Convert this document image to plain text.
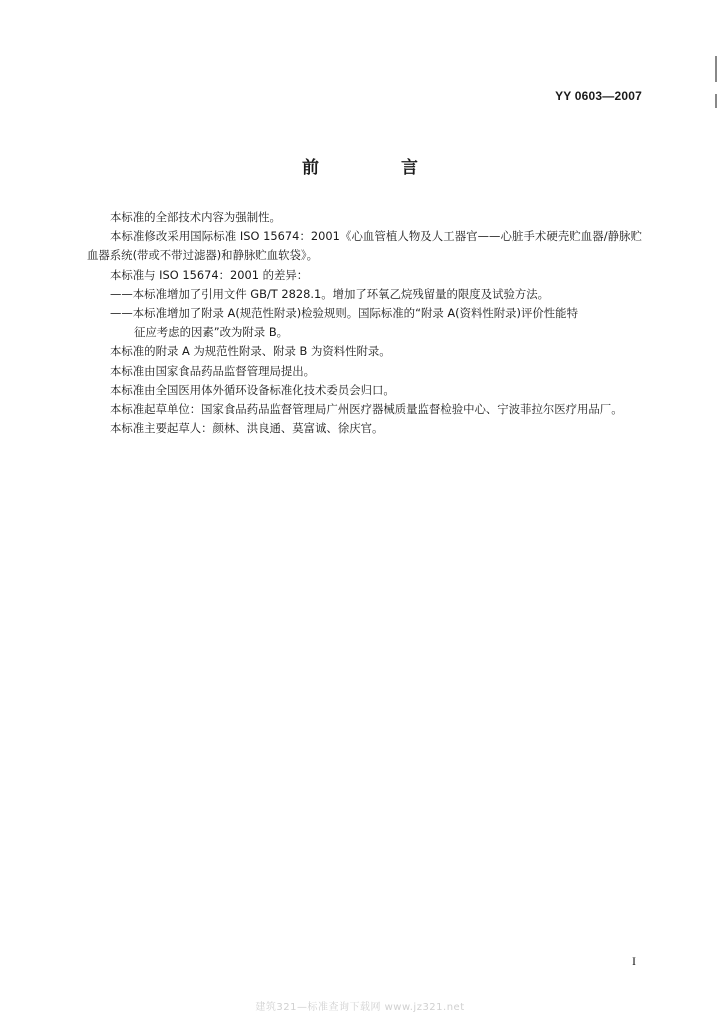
YY 0603—2007
前 言

本标准的全部技术内容为强制性。

本标准修改采用国际标准 ISO 15674：2001《心血管植人物及人工器官——心脏手术硬壳贮血器/静脉贮血器系统(带或不带过滤器)和静脉贮血软袋》。

本标准与 ISO 15674：2001 的差异：

——本标准增加了引用文件 GB/T 2828.1。增加了环氧乙烷残留量的限度及试验方法。

——本标准增加了附录 A(规范性附录)检验规则。国际标准的“附录 A(资料性附录)评价性能特
征应考虑的因素”改为附录 B。

本标准的附录 A 为规范性附录、附录 B 为资料性附录。

本标准由国家食品药品监督管理局提出。

本标准由全国医用体外循环设备标准化技术委员会归口。

本标准起草单位：国家食品药品监督管理局广州医疗器械质量监督检验中心、宁波菲拉尔医疗用品厂。

本标准主要起草人：颜林、洪良通、莫富诚、徐庆官。

I
建筑321—标准查询下载网 www.jz321.net
